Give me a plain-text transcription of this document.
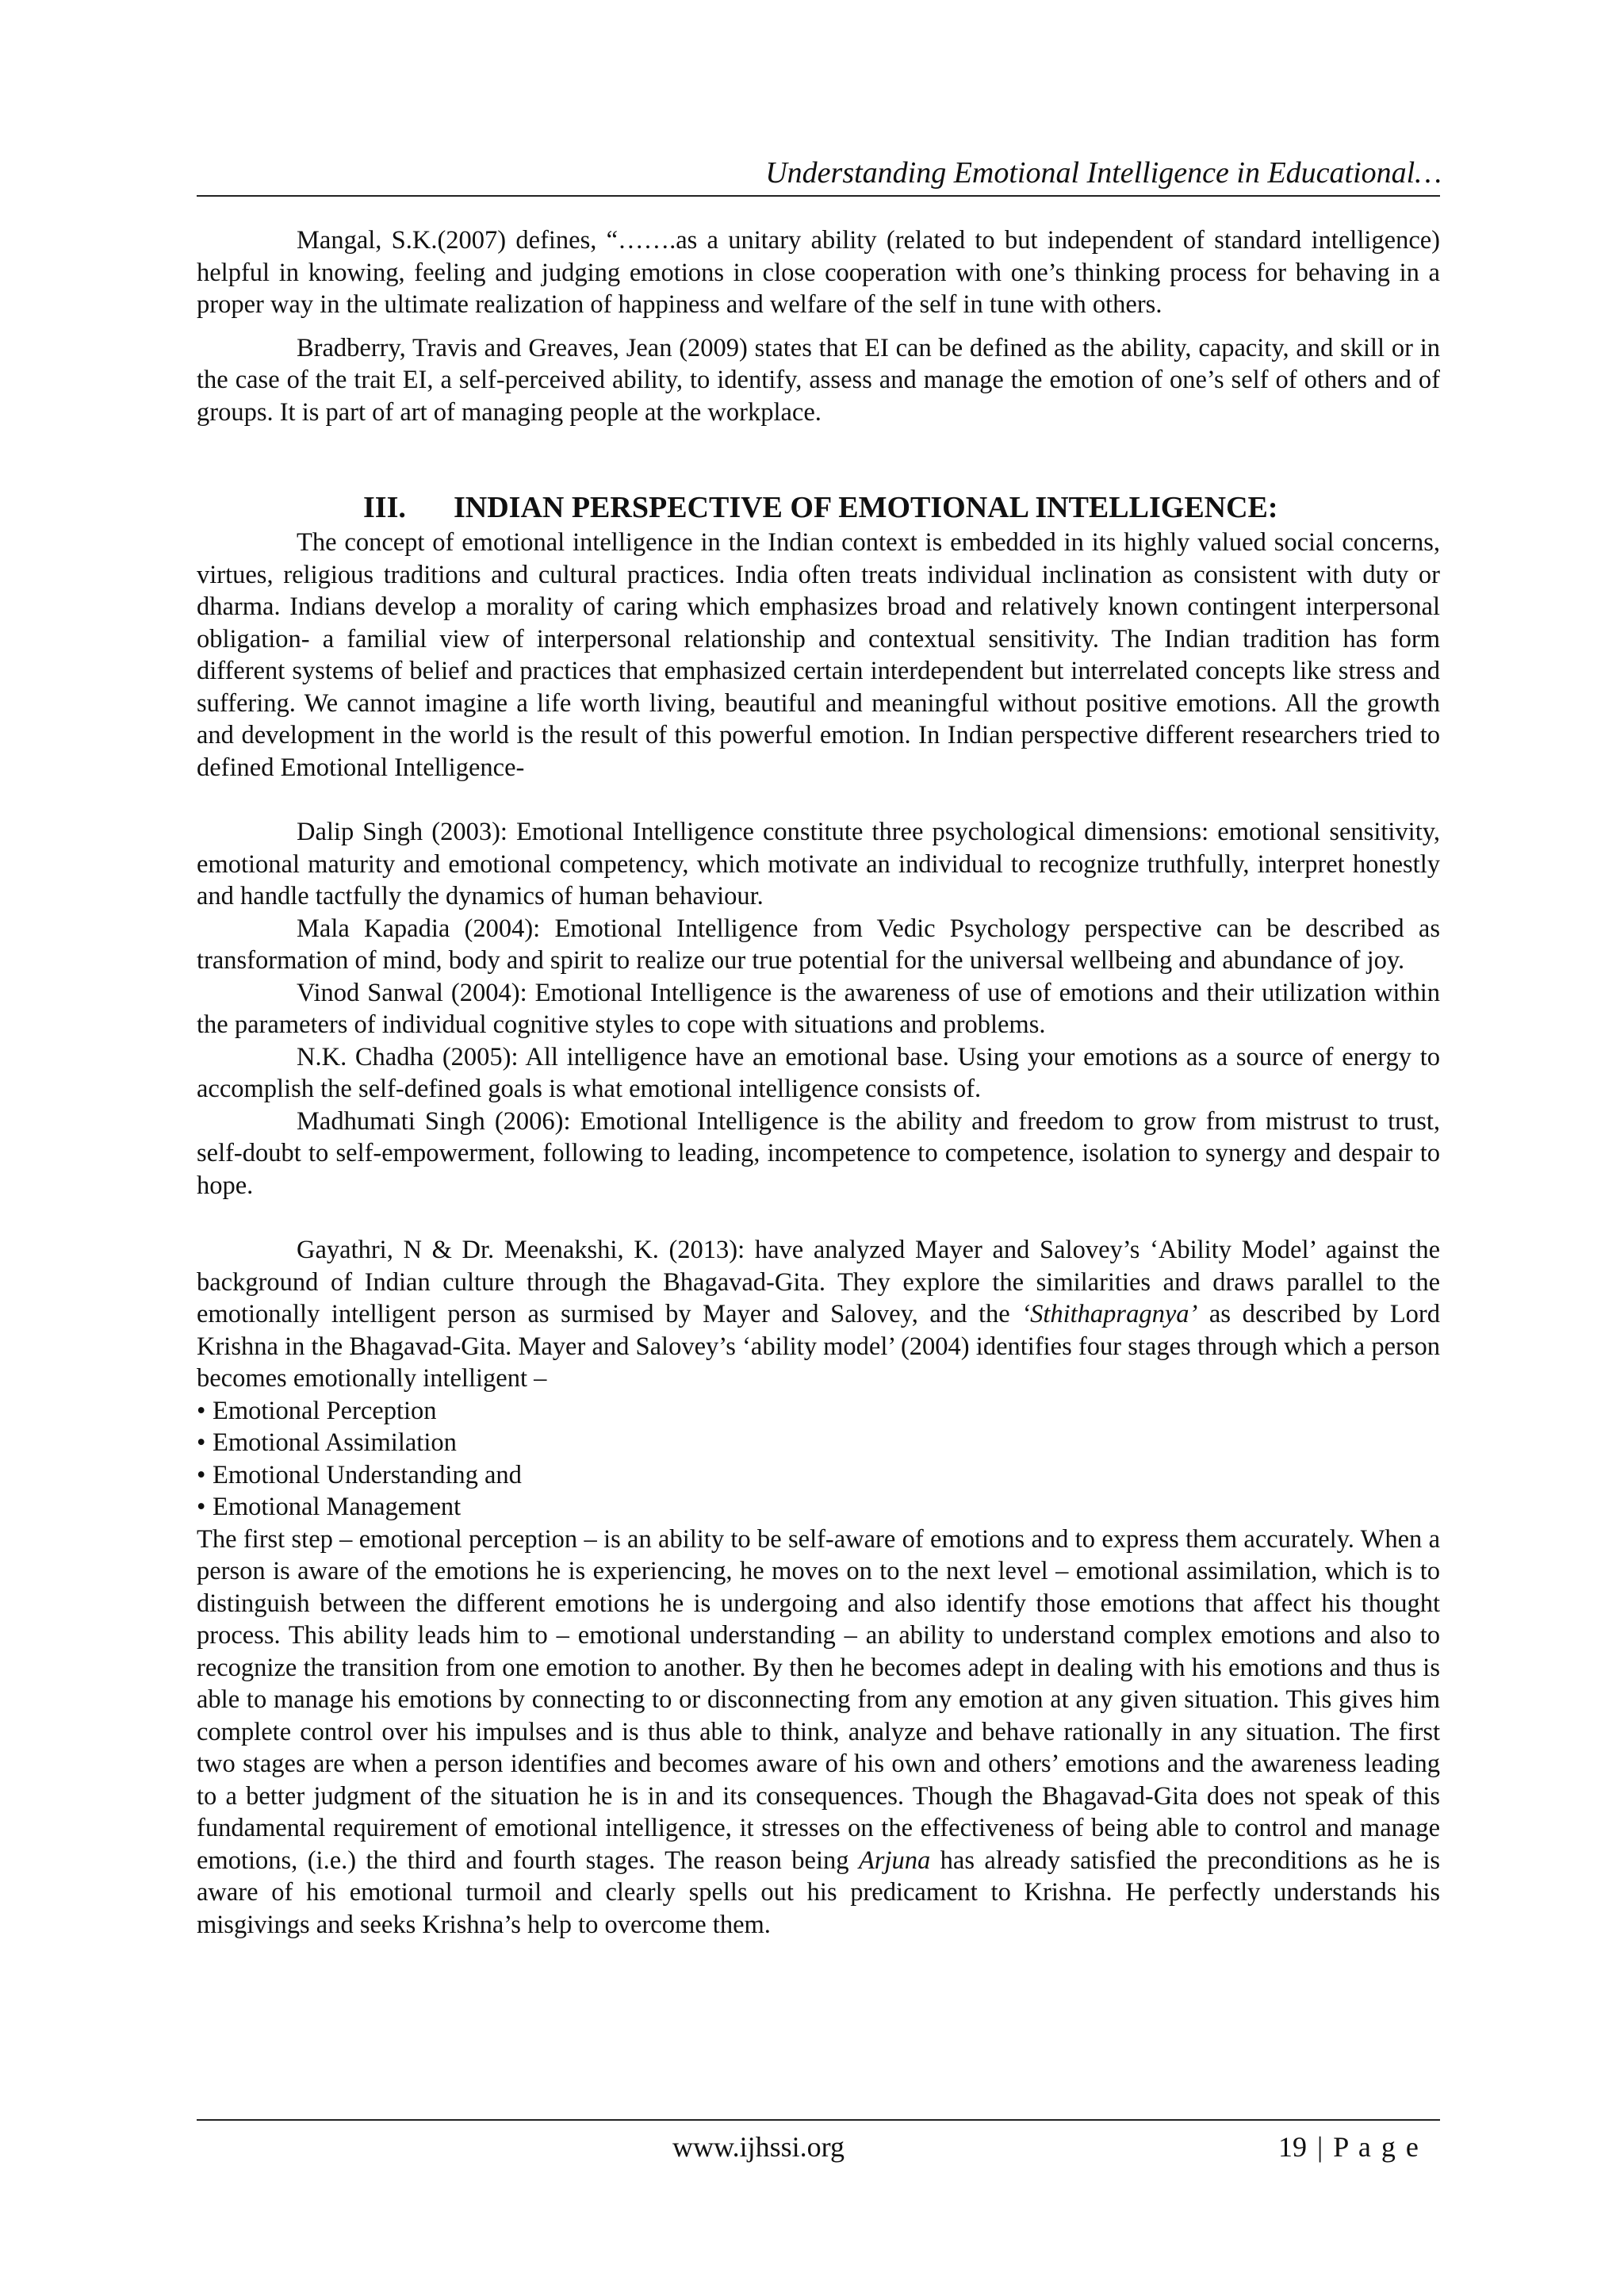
Understanding Emotional Intelligence in Educational…

Mangal, S.K.(2007) defines, “…….as a unitary ability (related to but independent of standard intelligence) helpful in knowing, feeling and judging emotions in close cooperation with one’s thinking process for behaving in a proper way in the ultimate realization of happiness and welfare of the self in tune with others.

Bradberry, Travis and Greaves, Jean (2009) states that EI can be defined as the ability, capacity, and skill or in the case of the trait EI, a self-perceived ability, to identify, assess and manage the emotion of one’s self of others and of groups. It is part of art of managing people at the workplace.

III. INDIAN PERSPECTIVE OF EMOTIONAL INTELLIGENCE:

The concept of emotional intelligence in the Indian context is embedded in its highly valued social concerns, virtues, religious traditions and cultural practices. India often treats individual inclination as consistent with duty or dharma. Indians develop a morality of caring which emphasizes broad and relatively known contingent interpersonal obligation- a familial view of interpersonal relationship and contextual sensitivity. The Indian tradition has form different systems of belief and practices that emphasized certain interdependent but interrelated concepts like stress and suffering. We cannot imagine a life worth living, beautiful and meaningful without positive emotions. All the growth and development in the world is the result of this powerful emotion. In Indian perspective different researchers tried to defined Emotional Intelligence-

Dalip Singh (2003): Emotional Intelligence constitute three psychological dimensions: emotional sensitivity, emotional maturity and emotional competency, which motivate an individual to recognize truthfully, interpret honestly and handle tactfully the dynamics of human behaviour.

Mala Kapadia (2004): Emotional Intelligence from Vedic Psychology perspective can be described as transformation of mind, body and spirit to realize our true potential for the universal wellbeing and abundance of joy.

Vinod Sanwal (2004): Emotional Intelligence is the awareness of use of emotions and their utilization within the parameters of individual cognitive styles to cope with situations and problems.

N.K. Chadha (2005): All intelligence have an emotional base. Using your emotions as a source of energy to accomplish the self-defined goals is what emotional intelligence consists of.

Madhumati Singh (2006): Emotional Intelligence is the ability and freedom to grow from mistrust to trust, self-doubt to self-empowerment, following to leading, incompetence to competence, isolation to synergy and despair to hope.

Gayathri, N & Dr. Meenakshi, K. (2013): have analyzed Mayer and Salovey’s ‘Ability Model’ against the background of Indian culture through the Bhagavad-Gita. They explore the similarities and draws parallel to the emotionally intelligent person as surmised by Mayer and Salovey, and the ‘Sthithapragnya’ as described by Lord Krishna in the Bhagavad-Gita. Mayer and Salovey’s ‘ability model’ (2004) identifies four stages through which a person becomes emotionally intelligent –

• Emotional Perception
• Emotional Assimilation
• Emotional Understanding and
• Emotional Management

The first step – emotional perception – is an ability to be self-aware of emotions and to express them accurately. When a person is aware of the emotions he is experiencing, he moves on to the next level – emotional assimilation, which is to distinguish between the different emotions he is undergoing and also identify those emotions that affect his thought process. This ability leads him to – emotional understanding – an ability to understand complex emotions and also to recognize the transition from one emotion to another. By then he becomes adept in dealing with his emotions and thus is able to manage his emotions by connecting to or disconnecting from any emotion at any given situation. This gives him complete control over his impulses and is thus able to think, analyze and behave rationally in any situation. The first two stages are when a person identifies and becomes aware of his own and others’ emotions and the awareness leading to a better judgment of the situation he is in and its consequences. Though the Bhagavad-Gita does not speak of this fundamental requirement of emotional intelligence, it stresses on the effectiveness of being able to control and manage emotions, (i.e.) the third and fourth stages. The reason being Arjuna has already satisfied the preconditions as he is aware of his emotional turmoil and clearly spells out his predicament to Krishna. He perfectly understands his misgivings and seeks Krishna’s help to overcome them.

www.ijhssi.org	19 | P a g e
